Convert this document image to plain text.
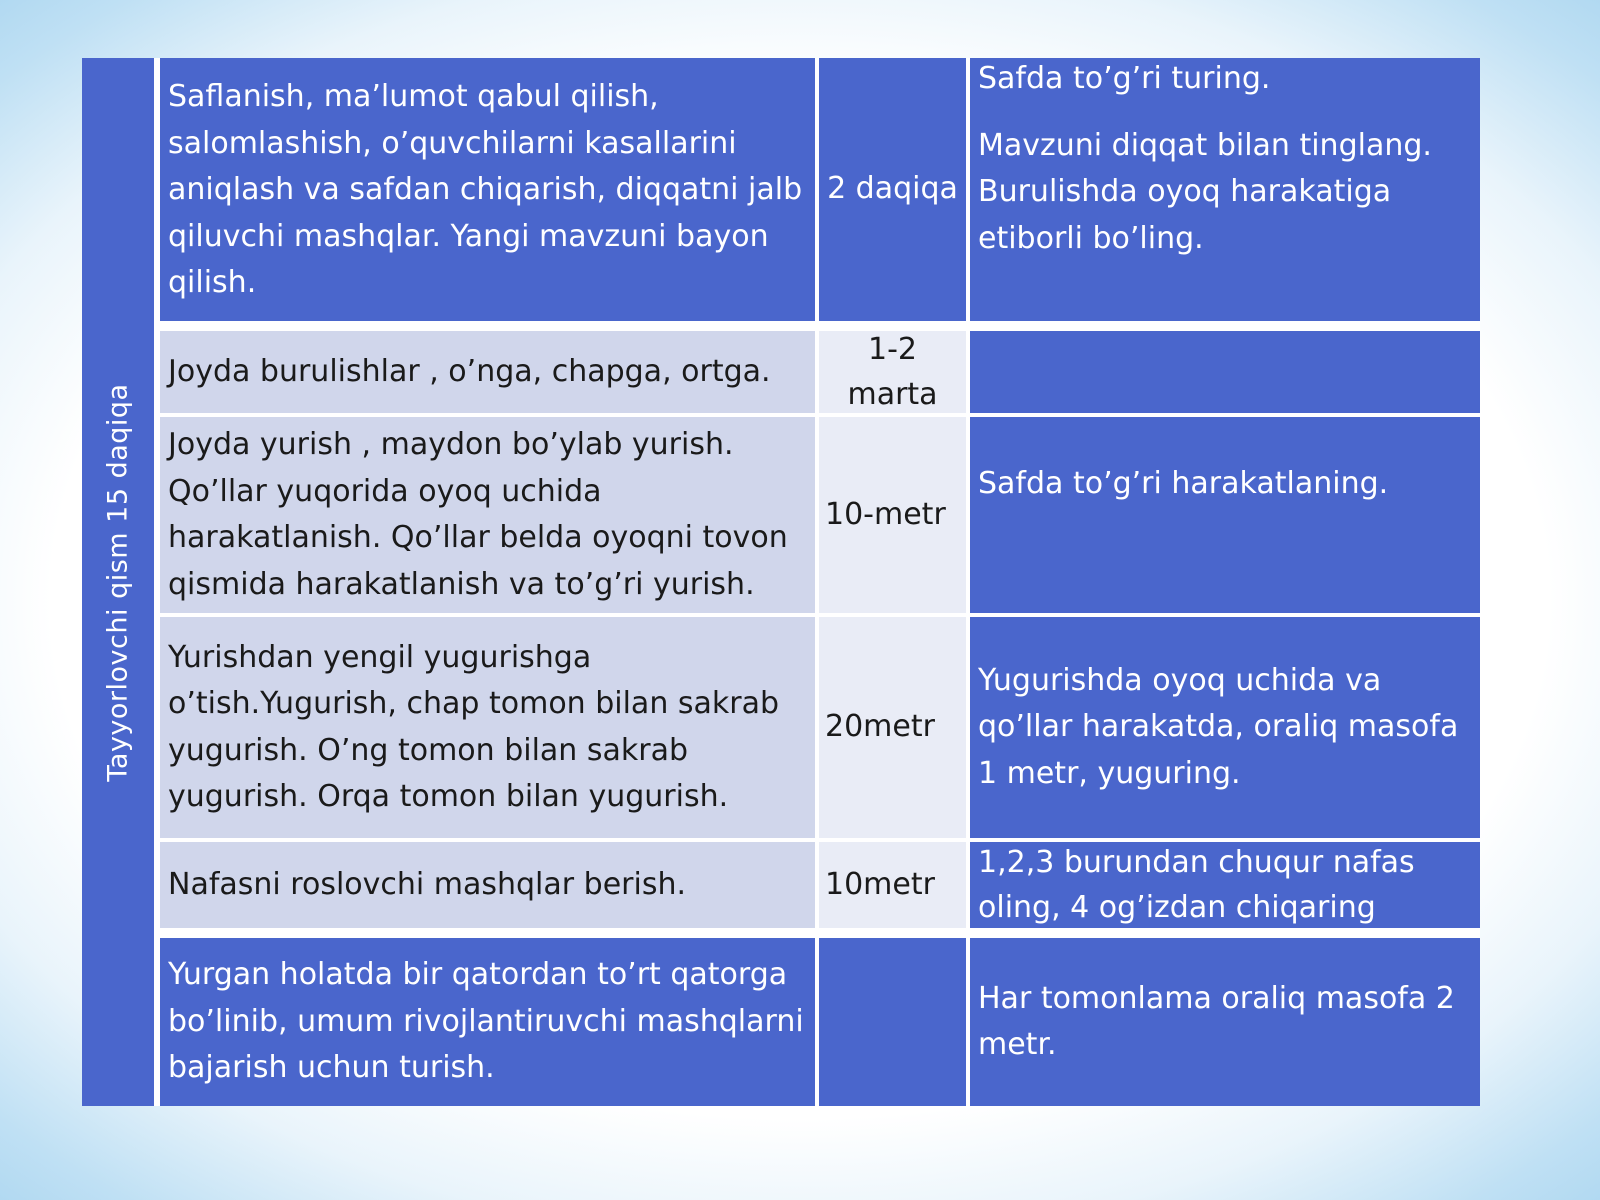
Tayyorlovchi qism 15 daqiqa
Saflanish, ma’lumot qabul qilish, salomlashish, o’quvchilarni kasallarini aniqlash va safdan chiqarish, diqqatni jalb qiluvchi mashqlar. Yangi mavzuni bayon qilish.
2 daqiqa
Safda to’g’ri turing.
Mavzuni diqqat bilan tinglang. Burulishda oyoq harakatiga etiborli bo’ling.
Joyda burulishlar , o’nga, chapga, ortga.
1-2 marta
Joyda yurish , maydon bo’ylab yurish. Qo’llar yuqorida oyoq uchida harakatlanish. Qo’llar belda oyoqni tovon qismida harakatlanish va to’g’ri yurish.
10-metr
Safda to’g’ri harakatlaning.
Yurishdan yengil yugurishga o’tish.Yugurish, chap tomon bilan sakrab yugurish. O’ng tomon bilan sakrab yugurish. Orqa tomon bilan yugurish.
20metr
Yugurishda oyoq uchida va qo’llar harakatda, oraliq masofa 1 metr, yuguring.
Nafasni roslovchi mashqlar berish.	10metr
1,2,3 burundan chuqur nafas oling, 4 og’izdan chiqaring
Yurgan holatda bir qatordan to’rt qatorga bo’linib, umum rivojlantiruvchi mashqlarni bajarish uchun turish.
Har tomonlama oraliq masofa 2 metr.
